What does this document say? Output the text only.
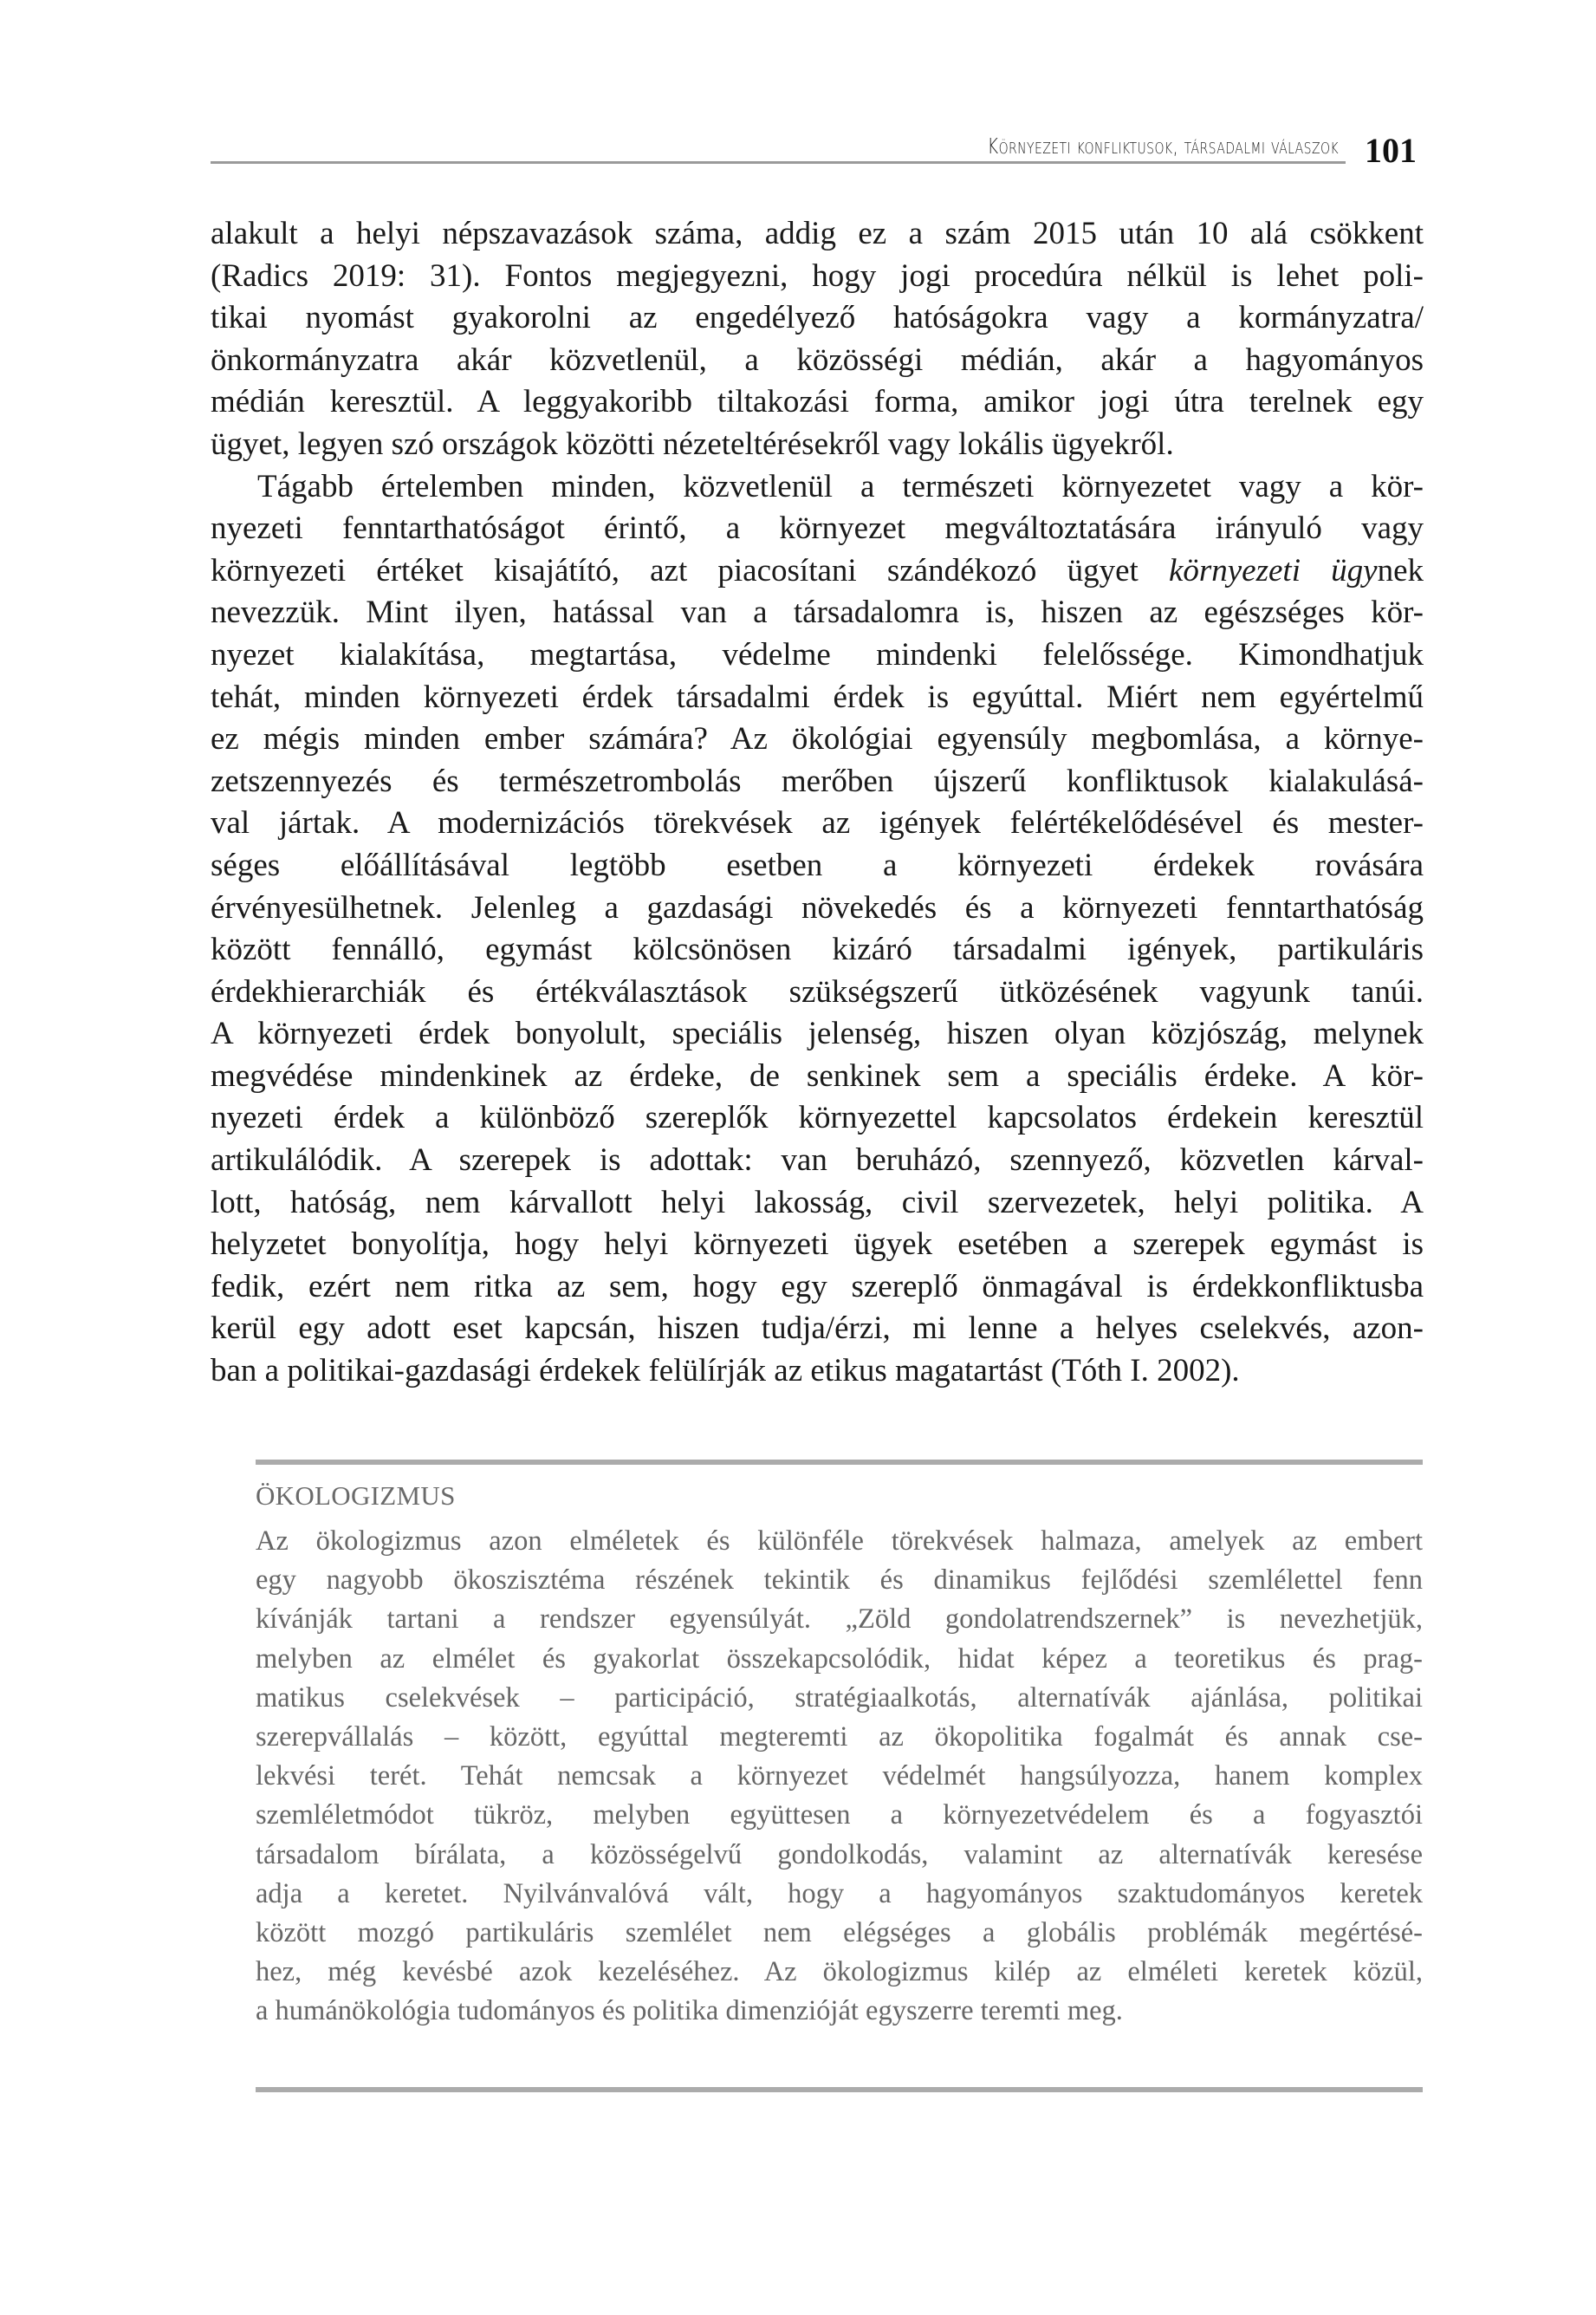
Környezeti konfliktusok, társadalmi válaszok 101
alakult a helyi népszavazások száma, addig ez a szám 2015 után 10 alá csökkent
(Radics 2019: 31). Fontos megjegyezni, hogy jogi procedúra nélkül is lehet poli-
tikai nyomást gyakorolni az engedélyező hatóságokra vagy a kormányzatra/
önkormányzatra akár közvetlenül, a közösségi médián, akár a hagyományos
médián keresztül. A leggyakoribb tiltakozási forma, amikor jogi útra terelnek egy
ügyet, legyen szó országok közötti nézeteltérésekről vagy lokális ügyekről.
Tágabb értelemben minden, közvetlenül a természeti környezetet vagy a kör-
nyezeti fenntarthatóságot érintő, a környezet megváltoztatására irányuló vagy
környezeti értéket kisajátító, azt piacosítani szándékozó ügyet környezeti ügynek
nevezzük. Mint ilyen, hatással van a társadalomra is, hiszen az egészséges kör-
nyezet kialakítása, megtartása, védelme mindenki felelőssége. Kimondhatjuk
tehát, minden környezeti érdek társadalmi érdek is egyúttal. Miért nem egyértelmű
ez mégis minden ember számára? Az ökológiai egyensúly megbomlása, a környe-
zetszennyezés és természetrombolás merőben újszerű konfliktusok kialakulásá-
val jártak. A modernizációs törekvések az igények felértékelődésével és mester-
séges előállításával legtöbb esetben a környezeti érdekek rovására
érvényesülhetnek. Jelenleg a gazdasági növekedés és a környezeti fenntarthatóság
között fennálló, egymást kölcsönösen kizáró társadalmi igények, partikuláris
érdekhierarchiák és értékválasztások szükségszerű ütközésének vagyunk tanúi.
A környezeti érdek bonyolult, speciális jelenség, hiszen olyan közjószág, melynek
megvédése mindenkinek az érdeke, de senkinek sem a speciális érdeke. A kör-
nyezeti érdek a különböző szereplők környezettel kapcsolatos érdekein keresztül
artikulálódik. A szerepek is adottak: van beruházó, szennyező, közvetlen kárval-
lott, hatóság, nem kárvallott helyi lakosság, civil szervezetek, helyi politika. A
helyzetet bonyolítja, hogy helyi környezeti ügyek esetében a szerepek egymást is
fedik, ezért nem ritka az sem, hogy egy szereplő önmagával is érdekkonfliktusba
kerül egy adott eset kapcsán, hiszen tudja/érzi, mi lenne a helyes cselekvés, azon-
ban a politikai-gazdasági érdekek felülírják az etikus magatartást (Tóth I. 2002).
ÖKOLOGIZMUS
Az ökologizmus azon elméletek és különféle törekvések halmaza, amelyek az embert
egy nagyobb ökoszisztéma részének tekintik és dinamikus fejlődési szemlélettel fenn
kívánják tartani a rendszer egyensúlyát. „Zöld gondolatrendszernek” is nevezhetjük,
melyben az elmélet és gyakorlat összekapcsolódik, hidat képez a teoretikus és prag-
matikus cselekvések – participáció, stratégiaalkotás, alternatívák ajánlása, politikai
szerepvállalás – között, egyúttal megteremti az ökopolitika fogalmát és annak cse-
lekvési terét. Tehát nemcsak a környezet védelmét hangsúlyozza, hanem komplex
szemléletmódot tükröz, melyben együttesen a környezetvédelem és a fogyasztói
társadalom bírálata, a közösségelvű gondolkodás, valamint az alternatívák keresése
adja a keretet. Nyilvánvalóvá vált, hogy a hagyományos szaktudományos keretek
között mozgó partikuláris szemlélet nem elégséges a globális problémák megértésé-
hez, még kevésbé azok kezeléséhez. Az ökologizmus kilép az elméleti keretek közül,
a humánökológia tudományos és politika dimenzióját egyszerre teremti meg.
